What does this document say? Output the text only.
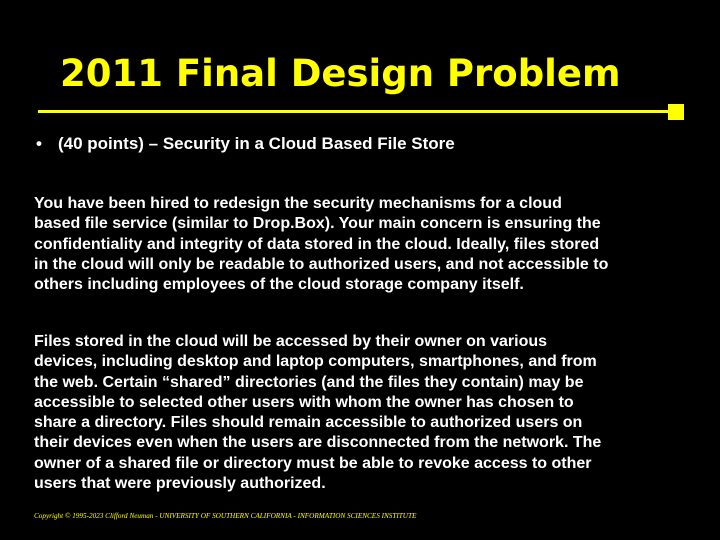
2011 Final Design Problem

• (40 points) – Security in a Cloud Based File Store

You have been hired to redesign the security mechanisms for a cloud
based file service (similar to Drop.Box). Your main concern is ensuring the
confidentiality and integrity of data stored in the cloud. Ideally, files stored
in the cloud will only be readable to authorized users, and not accessible to
others including employees of the cloud storage company itself.
Files stored in the cloud will be accessed by their owner on various
devices, including desktop and laptop computers, smartphones, and from
the web. Certain “shared” directories (and the files they contain) may be
accessible to selected other users with whom the owner has chosen to
share a directory. Files should remain accessible to authorized users on
their devices even when the users are disconnected from the network. The
owner of a shared file or directory must be able to revoke access to other
users that were previously authorized.

Copyright © 1995-2023 Clifford Neuman - UNIVERSITY OF SOUTHERN CALIFORNIA - INFORMATION SCIENCES INSTITUTE
